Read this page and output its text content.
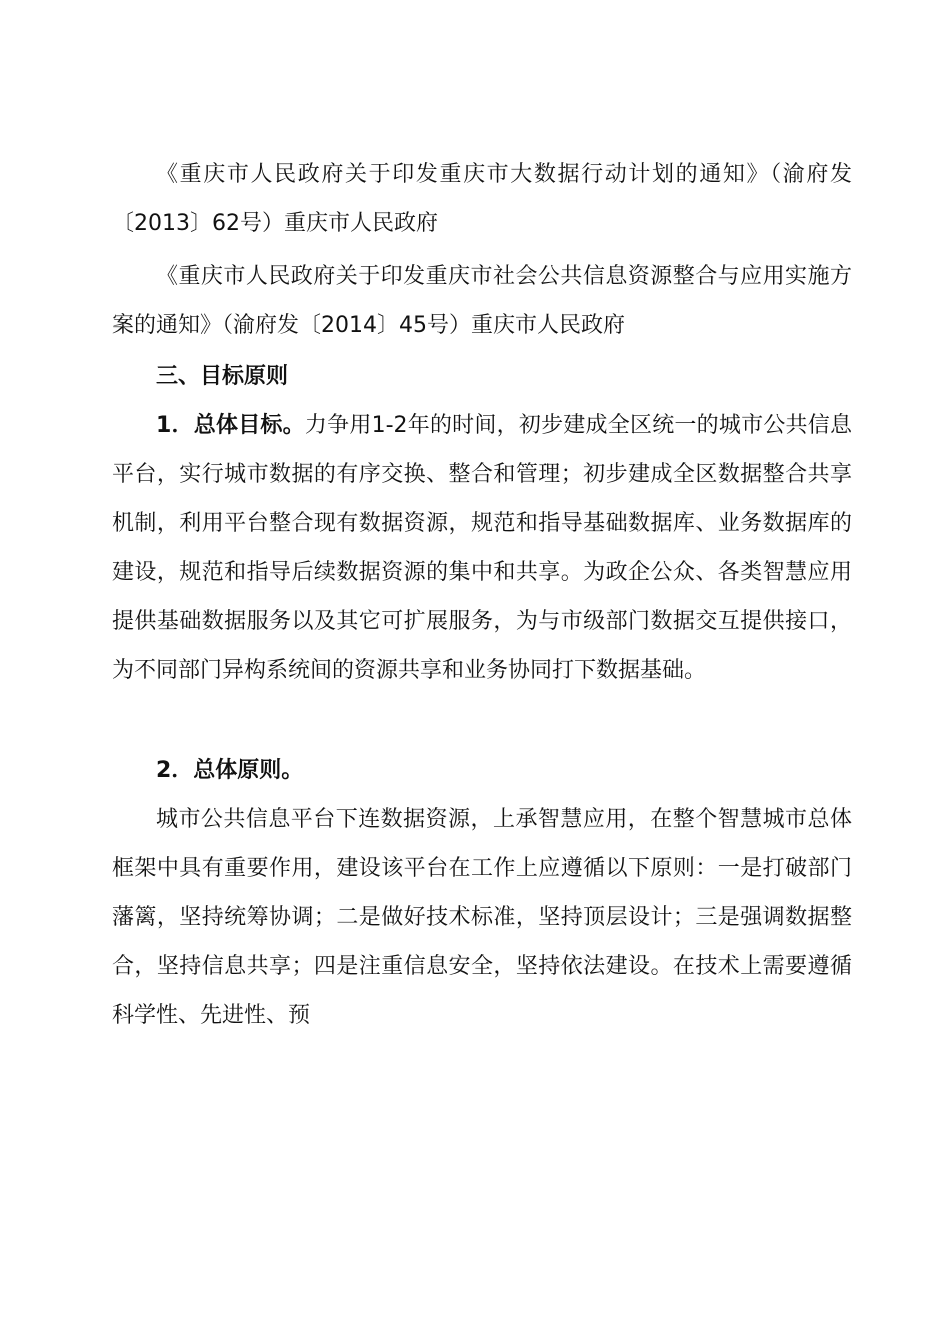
《重庆市人民政府关于印发重庆市大数据行动计划的通知》（渝府发〔2013〕62号）重庆市人民政府

《重庆市人民政府关于印发重庆市社会公共信息资源整合与应用实施方案的通知》（渝府发〔2014〕45号）重庆市人民政府

三、目标原则

1．总体目标。力争用1-2年的时间，初步建成全区统一的城市公共信息平台，实行城市数据的有序交换、整合和管理；初步建成全区数据整合共享机制，利用平台整合现有数据资源，规范和指导基础数据库、业务数据库的建设，规范和指导后续数据资源的集中和共享。为政企公众、各类智慧应用提供基础数据服务以及其它可扩展服务，为与市级部门数据交互提供接口，为不同部门异构系统间的资源共享和业务协同打下数据基础。

2．总体原则。

城市公共信息平台下连数据资源，上承智慧应用，在整个智慧城市总体框架中具有重要作用，建设该平台在工作上应遵循以下原则：一是打破部门藩篱，坚持统筹协调；二是做好技术标准，坚持顶层设计；三是强调数据整合，坚持信息共享；四是注重信息安全，坚持依法建设。在技术上需要遵循科学性、先进性、预
